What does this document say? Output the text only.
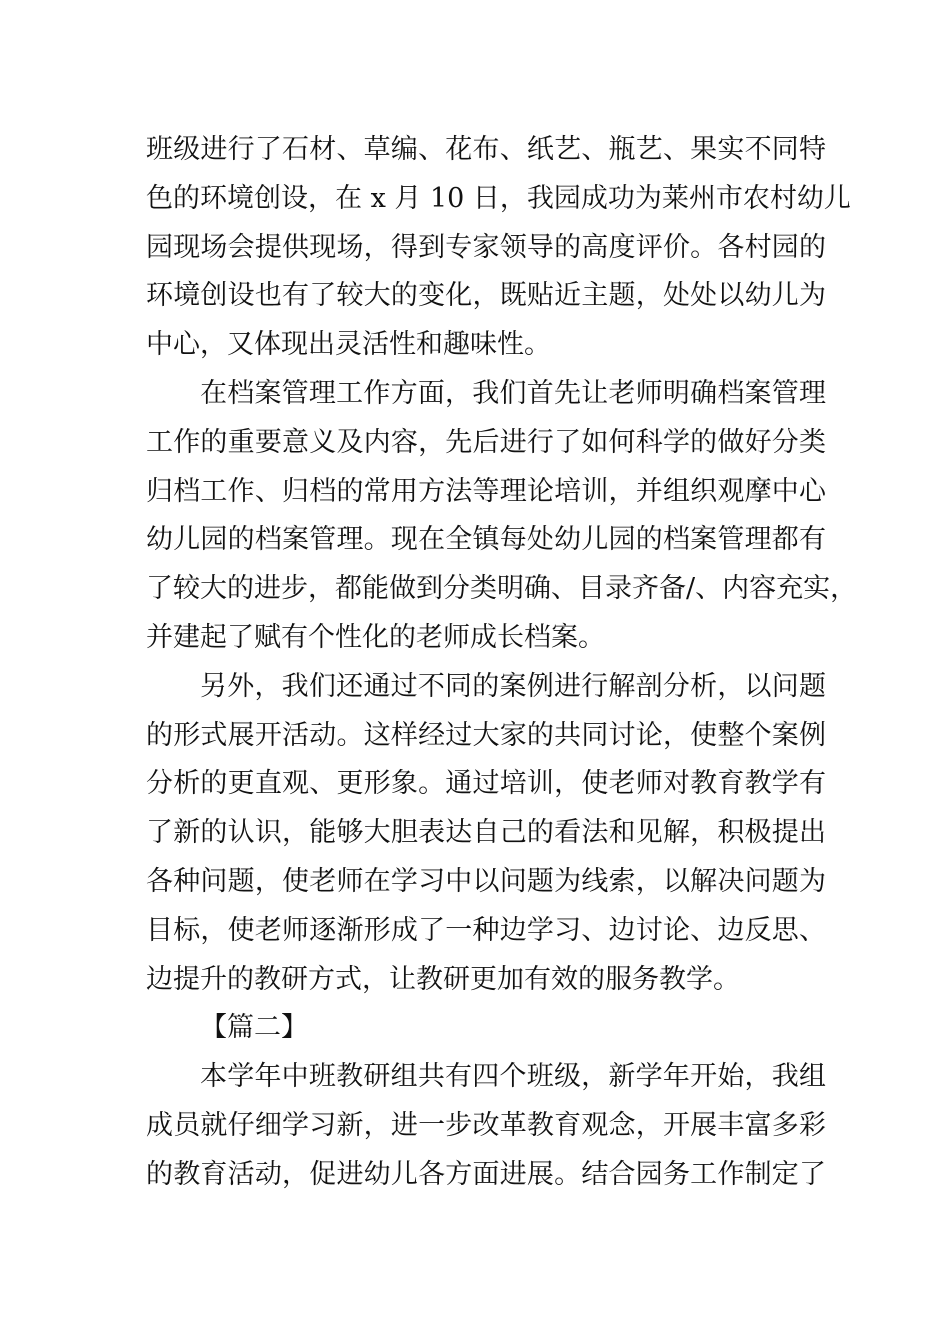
班级进行了石材、草编、花布、纸艺、瓶艺、果实不同特
色的环境创设，在 x 月 10 日，我园成功为莱州市农村幼儿
园现场会提供现场，得到专家领导的高度评价。各村园的
环境创设也有了较大的变化，既贴近主题，处处以幼儿为
中心，又体现出灵活性和趣味性。
在档案管理工作方面，我们首先让老师明确档案管理
工作的重要意义及内容，先后进行了如何科学的做好分类
归档工作、归档的常用方法等理论培训，并组织观摩中心
幼儿园的档案管理。现在全镇每处幼儿园的档案管理都有
了较大的进步，都能做到分类明确、目录齐备/、内容充实，
并建起了赋有个性化的老师成长档案。
另外，我们还通过不同的案例进行解剖分析，以问题
的形式展开活动。这样经过大家的共同讨论，使整个案例
分析的更直观、更形象。通过培训，使老师对教育教学有
了新的认识，能够大胆表达自己的看法和见解，积极提出
各种问题，使老师在学习中以问题为线索，以解决问题为
目标，使老师逐渐形成了一种边学习、边讨论、边反思、
边提升的教研方式，让教研更加有效的服务教学。
【篇二】
本学年中班教研组共有四个班级，新学年开始，我组
成员就仔细学习新，进一步改革教育观念，开展丰富多彩
的教育活动，促进幼儿各方面进展。结合园务工作制定了
